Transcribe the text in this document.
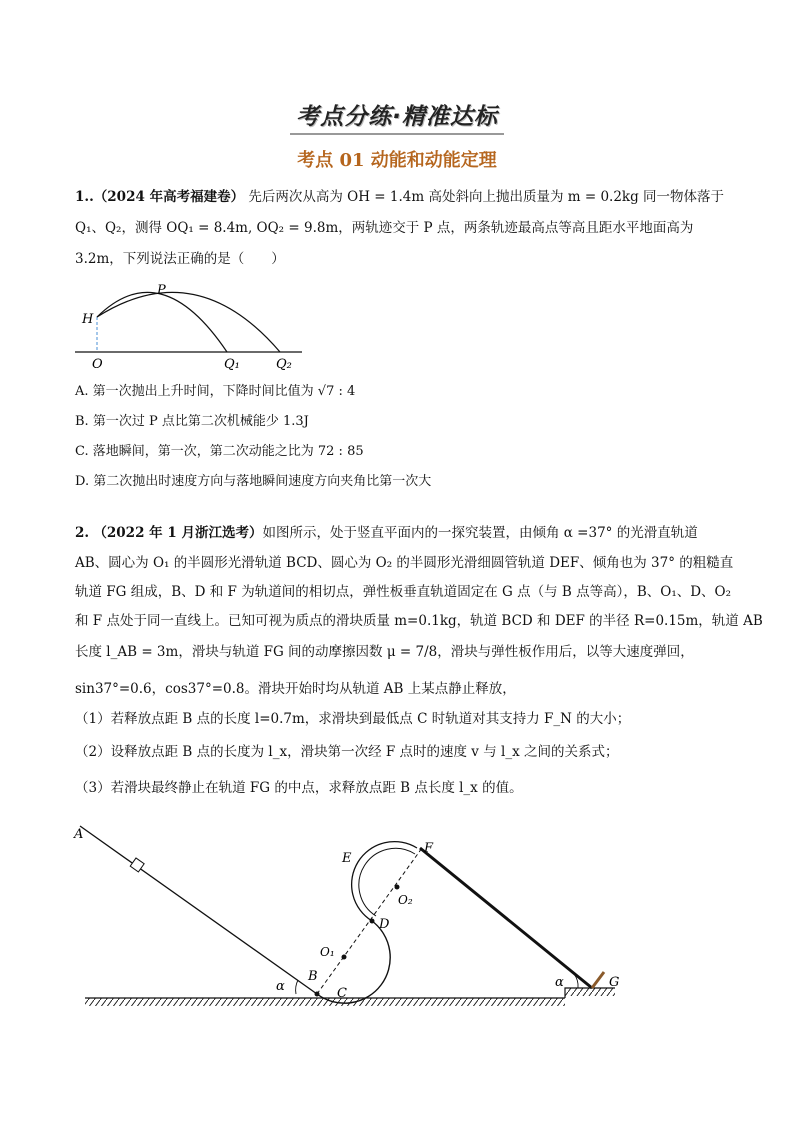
考点分练·精准达标
考点 01 动能和动能定理
1..（2024 年高考福建卷） 先后两次从高为 OH = 1.4m 高处斜向上抛出质量为 m = 0.2kg 同一物体落于
Q₁、Q₂，测得 OQ₁ = 8.4m, OQ₂ = 9.8m，两轨迹交于 P 点，两条轨迹最高点等高且距水平地面高为
3.2m，下列说法正确的是（　　）
H
P
O	Q₁	Q₂
A. 第一次抛出上升时间，下降时间比值为 √7 : 4
B. 第一次过 P 点比第二次机械能少 1.3J
C. 落地瞬间，第一次，第二次动能之比为 72 : 85
D. 第二次抛出时速度方向与落地瞬间速度方向夹角比第一次大
2. （2022 年 1 月浙江选考）如图所示，处于竖直平面内的一探究装置，由倾角 α =37° 的光滑直轨道
AB、圆心为 O₁ 的半圆形光滑轨道 BCD、圆心为 O₂ 的半圆形光滑细圆管轨道 DEF、倾角也为 37° 的粗糙直
轨道 FG 组成，B、D 和 F 为轨道间的相切点，弹性板垂直轨道固定在 G 点（与 B 点等高），B、O₁、D、O₂
和 F 点处于同一直线上。已知可视为质点的滑块质量 m=0.1kg，轨道 BCD 和 DEF 的半径 R=0.15m，轨道 AB
长度 l_AB = 3m，滑块与轨道 FG 间的动摩擦因数 μ = 7/8，滑块与弹性板作用后，以等大速度弹回，
sin37°=0.6，cos37°=0.8。滑块开始时均从轨道 AB 上某点静止释放，
（1）若释放点距 B 点的长度 l=0.7m，求滑块到最低点 C 时轨道对其支持力 F_N 的大小；
（2）设释放点距 B 点的长度为 l_x，滑块第一次经 F 点时的速度 v 与 l_x 之间的关系式；
（3）若滑块最终静止在轨道 FG 的中点，求释放点距 B 点长度 l_x 的值。
A
B
C
D
E
F
G
O₁
O₂
α	α
